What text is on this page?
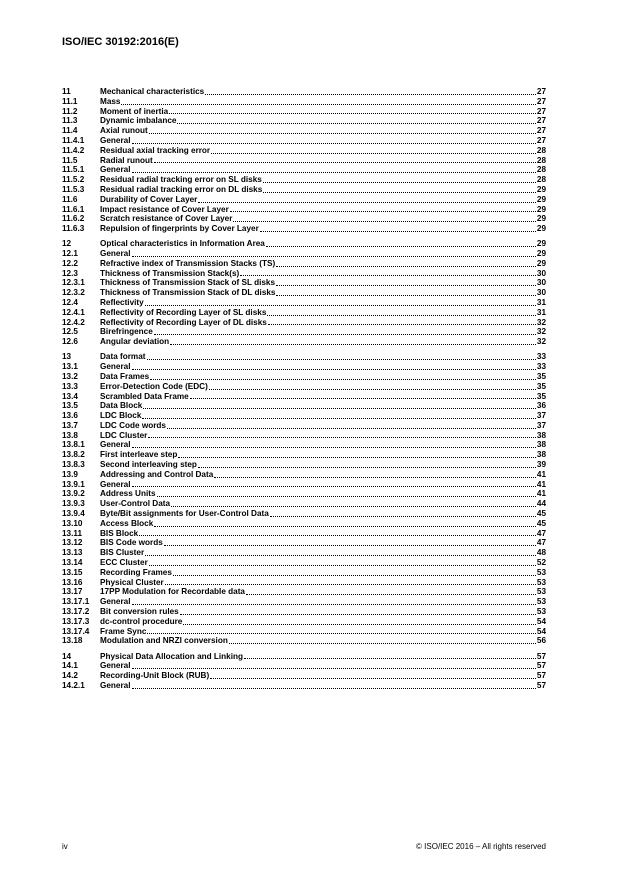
ISO/IEC 30192:2016(E)
11	Mechanical characteristics	27
11.1	Mass	27
11.2	Moment of inertia	27
11.3	Dynamic imbalance	27
11.4	Axial runout	27
11.4.1	General	27
11.4.2	Residual axial tracking error	28
11.5	Radial runout	28
11.5.1	General	28
11.5.2	Residual radial tracking error on SL disks	28
11.5.3	Residual radial tracking error on DL disks	29
11.6	Durability of Cover Layer	29
11.6.1	Impact resistance of Cover Layer	29
11.6.2	Scratch resistance of Cover Layer	29
11.6.3	Repulsion of fingerprints by Cover Layer	29
12	Optical characteristics in Information Area	29
12.1	General	29
12.2	Refractive index of Transmission Stacks (TS)	29
12.3	Thickness of Transmission Stack(s)	30
12.3.1	Thickness of Transmission Stack of SL disks	30
12.3.2	Thickness of Transmission Stack of DL disks	30
12.4	Reflectivity	31
12.4.1	Reflectivity of Recording Layer of SL disks	31
12.4.2	Reflectivity of Recording Layer of DL disks	32
12.5	Birefringence	32
12.6	Angular deviation	32
13	Data format	33
13.1	General	33
13.2	Data Frames	35
13.3	Error-Detection Code (EDC)	35
13.4	Scrambled Data Frame	35
13.5	Data Block	36
13.6	LDC Block	37
13.7	LDC Code words	37
13.8	LDC Cluster	38
13.8.1	General	38
13.8.2	First interleave step	38
13.8.3	Second interleaving step	39
13.9	Addressing and Control Data	41
13.9.1	General	41
13.9.2	Address Units	41
13.9.3	User-Control Data	44
13.9.4	Byte/Bit assignments for User-Control Data	45
13.10	Access Block	45
13.11	BIS Block	47
13.12	BIS Code words	47
13.13	BIS Cluster	48
13.14	ECC Cluster	52
13.15	Recording Frames	53
13.16	Physical Cluster	53
13.17	17PP Modulation for Recordable data	53
13.17.1	General	53
13.17.2	Bit conversion rules	53
13.17.3	dc-control procedure	54
13.17.4	Frame Sync	54
13.18	Modulation and NRZI conversion	56
14	Physical Data Allocation and Linking	57
14.1	General	57
14.2	Recording-Unit Block (RUB)	57
14.2.1	General	57
iv	© ISO/IEC 2016 – All rights reserved
